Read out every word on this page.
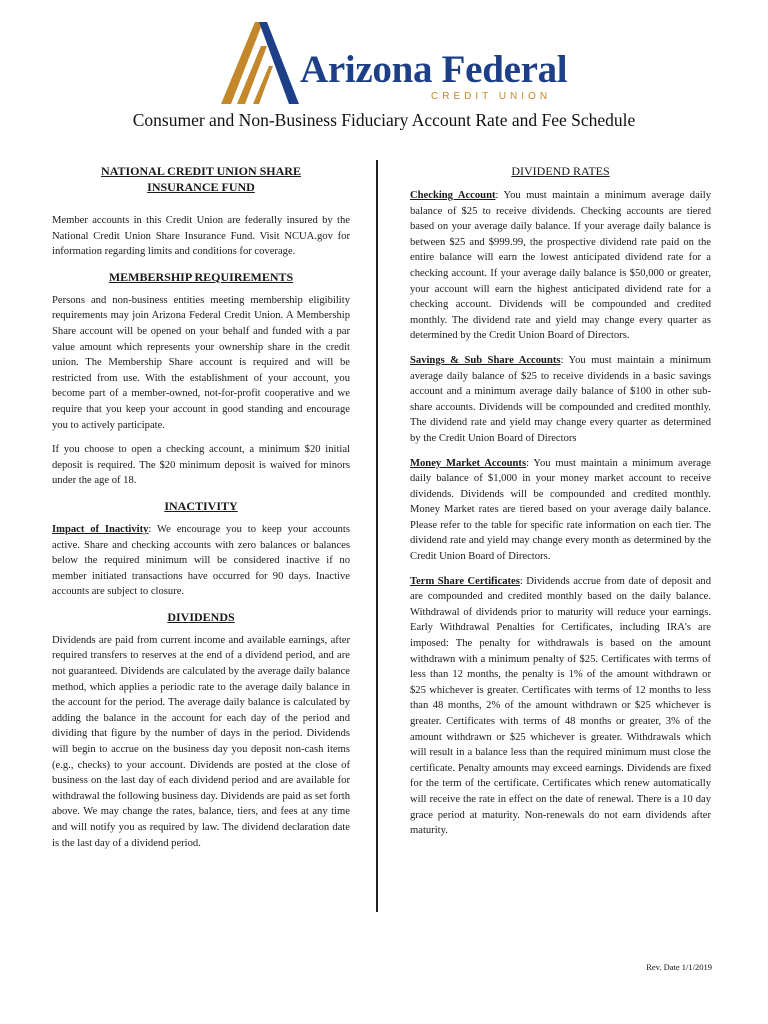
Arizona Federal
CREDIT UNION
Consumer and Non-Business Fiduciary Account Rate and Fee Schedule
NATIONAL CREDIT UNION SHARE
INSURANCE FUND

Member accounts in this Credit Union are federally insured by the National Credit Union Share Insurance Fund. Visit NCUA.gov for information regarding limits and conditions for coverage.

MEMBERSHIP REQUIREMENTS

Persons and non-business entities meeting membership eligibility requirements may join Arizona Federal Credit Union. A Membership Share account will be opened on your behalf and funded with a par value amount which represents your ownership share in the credit union. The Membership Share account is required and will be restricted from use. With the establishment of your account, you become part of a member-owned, not-for-profit cooperative and we require that you keep your account in good standing and encourage you to actively participate.

If you choose to open a checking account, a minimum $20 initial deposit is required. The $20 minimum deposit is waived for minors under the age of 18.

INACTIVITY

Impact of Inactivity: We encourage you to keep your accounts active. Share and checking accounts with zero balances or balances below the required minimum will be considered inactive if no member initiated transactions have occurred for 90 days. Inactive accounts are subject to closure.

DIVIDENDS

Dividends are paid from current income and available earnings, after required transfers to reserves at the end of a dividend period, and are not guaranteed. Dividends are calculated by the average daily balance method, which applies a periodic rate to the average daily balance in the account for the period. The average daily balance is calculated by adding the balance in the account for each day of the period and dividing that figure by the number of days in the period. Dividends will begin to accrue on the business day you deposit non-cash items (e.g., checks) to your account. Dividends are posted at the close of business on the last day of each dividend period and are available for withdrawal the following business day. Dividends are paid as set forth above. We may change the rates, balance, tiers, and fees at any time and will notify you as required by law. The dividend declaration date is the last day of a dividend period.

DIVIDEND RATES

Checking Account: You must maintain a minimum average daily balance of $25 to receive dividends. Checking accounts are tiered based on your average daily balance. If your average daily balance is between $25 and $999.99, the prospective dividend rate paid on the entire balance will earn the lowest anticipated dividend rate for a checking account. If your average daily balance is $50,000 or greater, your account will earn the highest anticipated dividend rate for a checking account. Dividends will be compounded and credited monthly. The dividend rate and yield may change every quarter as determined by the Credit Union Board of Directors.

Savings & Sub Share Accounts: You must maintain a minimum average daily balance of $25 to receive dividends in a basic savings account and a minimum average daily balance of $100 in other sub-share accounts. Dividends will be compounded and credited monthly. The dividend rate and yield may change every quarter as determined by the Credit Union Board of Directors

Money Market Accounts: You must maintain a minimum average daily balance of $1,000 in your money market account to receive dividends. Dividends will be compounded and credited monthly. Money Market rates are tiered based on your average daily balance. Please refer to the table for specific rate information on each tier. The dividend rate and yield may change every month as determined by the Credit Union Board of Directors.

Term Share Certificates: Dividends accrue from date of deposit and are compounded and credited monthly based on the daily balance. Withdrawal of dividends prior to maturity will reduce your earnings. Early Withdrawal Penalties for Certificates, including IRA's are imposed: The penalty for withdrawals is based on the amount withdrawn with a minimum penalty of $25. Certificates with terms of less than 12 months, the penalty is 1% of the amount withdrawn or $25 whichever is greater. Certificates with terms of 12 months to less than 48 months, 2% of the amount withdrawn or $25 whichever is greater. Certificates with terms of 48 months or greater, 3% of the amount withdrawn or $25 whichever is greater. Withdrawals which will result in a balance less than the required minimum must close the certificate. Penalty amounts may exceed earnings. Dividends are fixed for the term of the certificate. Certificates which renew automatically will receive the rate in effect on the date of renewal. There is a 10 day grace period at maturity. Non-renewals do not earn dividends after maturity.

Rev. Date 1/1/2019
